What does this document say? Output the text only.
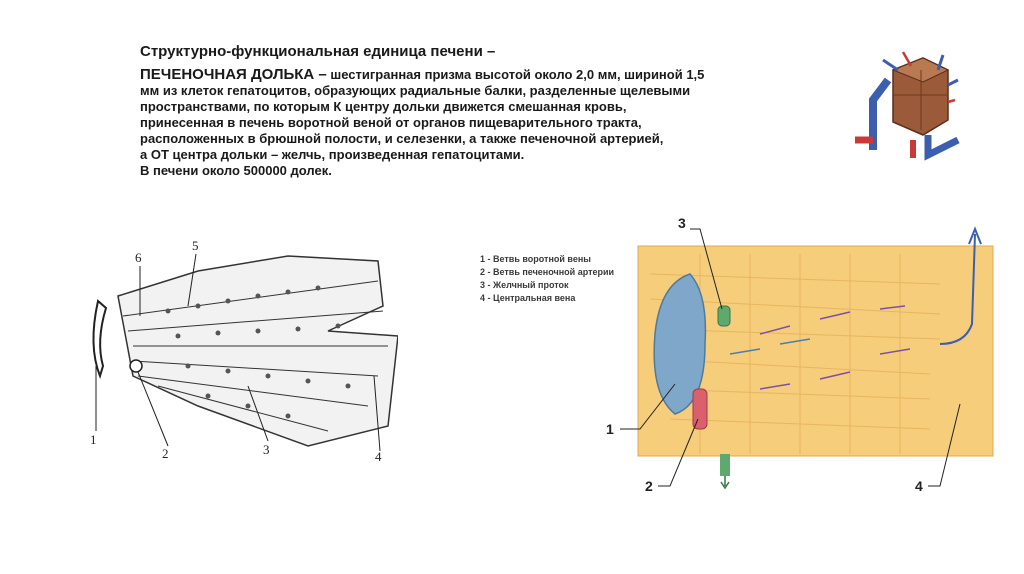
Структурно-функциональная единица печени –
ПЕЧЕНОЧНАЯ ДОЛЬКА – шестигранная призма высотой около 2,0 мм, шириной 1,5
мм из клеток гепатоцитов, образующих радиальные балки, разделенные щелевыми
пространствами, по которым К центру дольки движется смешанная кровь,
принесенная в печень воротной веной от органов пищеварительного тракта,
расположенных в брюшной полости, и селезенки, а также печеночной артерией,
а ОТ центра дольки – желчь, произведенная гепатоцитами.
В печени около 500000 долек.
1
2	3	4
5
6	1 - Ветвь воротной вены
2 - Ветвь печеночной артерии
3 - Желчный проток
4 - Центральная вена
1
2
3
4
